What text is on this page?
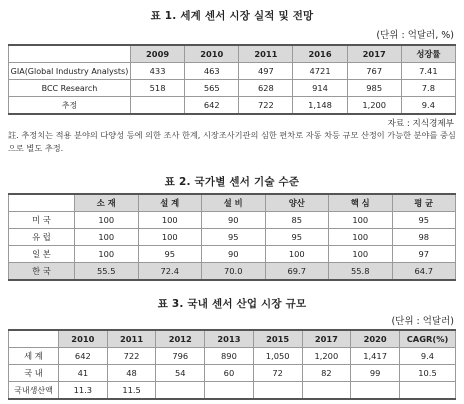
표 1. 세계 센서 시장 실적 및 전망
(단위 : 억달러, %)
	2009	2010	2011	2016	2017	성장률
GIA(Global Industry Analysts)	433	463	497	4721	767	7.41
BCC Research	518	565	628	914	985	7.8
추정		642	722	1,148	1,200	9.4
자료 : 지식경제부
註. 추정치는 적용 분야의 다양성 등에 의한 조사 한계, 시장조사기관의 심한 편차로 자동 차등 규모 산정이 가능한 분야를 중심으로 별도 추정.
표 2. 국가별 센서 기술 수준
	소 재	설 계	설 비	양산	핵 심	평 균
미 국	100	100	90	85	100	95
유 럽	100	100	95	95	100	98
일 본	100	95	90	100	100	97
한 국	55.5	72.4	70.0	69.7	55.8	64.7
표 3. 국내 센서 산업 시장 규모
(단위 : 억달러)
	2010	2011	2012	2013	2015	2017	2020	CAGR(%)
세 계	642	722	796	890	1,050	1,200	1,417	9.4
국 내	41	48	54	60	72	82	99	10.5
국내생산액	11.3	11.5						
